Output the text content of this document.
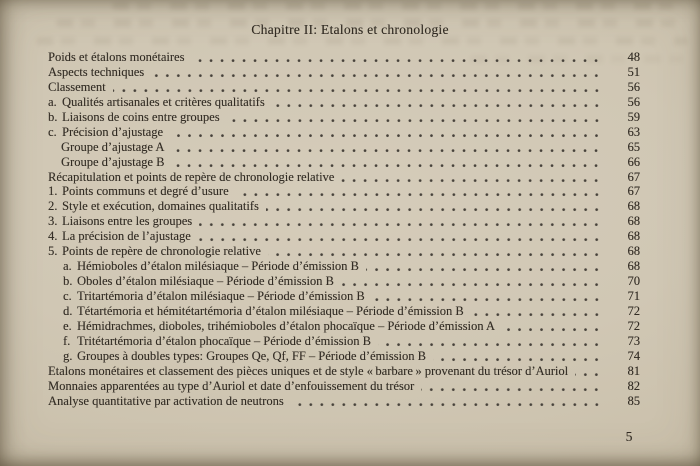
Chapitre II: Etalons et chronologie
Poids et étalons monétaires	48
Aspects techniques	51
Classement	56
a. Qualités artisanales et critères qualitatifs	56
b. Liaisons de coins entre groupes	59
c. Précision d’ajustage	63
Groupe d’ajustage A	65
Groupe d’ajustage B	66
Récapitulation et points de repère de chronologie relative	67
1. Points communs et degré d’usure	67
2. Style et exécution, domaines qualitatifs	68
3. Liaisons entre les groupes	68
4. La précision de l’ajustage	68
5. Points de repère de chronologie relative	68
a. Hémioboles d’étalon milésiaque – Période d’émission B	68
b. Oboles d’étalon milésiaque – Période d’émission B	70
c. Tritartémoria d’étalon milésiaque – Période d’émission B	71
d. Tétartémoria et hémitétartémoria d’étalon milésiaque – Période d’émission B	72
e. Hémidrachmes, dioboles, trihémioboles d’étalon phocaïque – Période d’émission A	72
f. Tritétartémoria d’étalon phocaïque – Période d’émission B	73
g. Groupes à doubles types: Groupes Qe, Qf, FF – Période d’émission B	74
Etalons monétaires et classement des pièces uniques et de style « barbare » provenant du trésor d’Auriol	81
Monnaies apparentées au type d’Auriol et date d’enfouissement du trésor	82
Analyse quantitative par activation de neutrons	85
5
